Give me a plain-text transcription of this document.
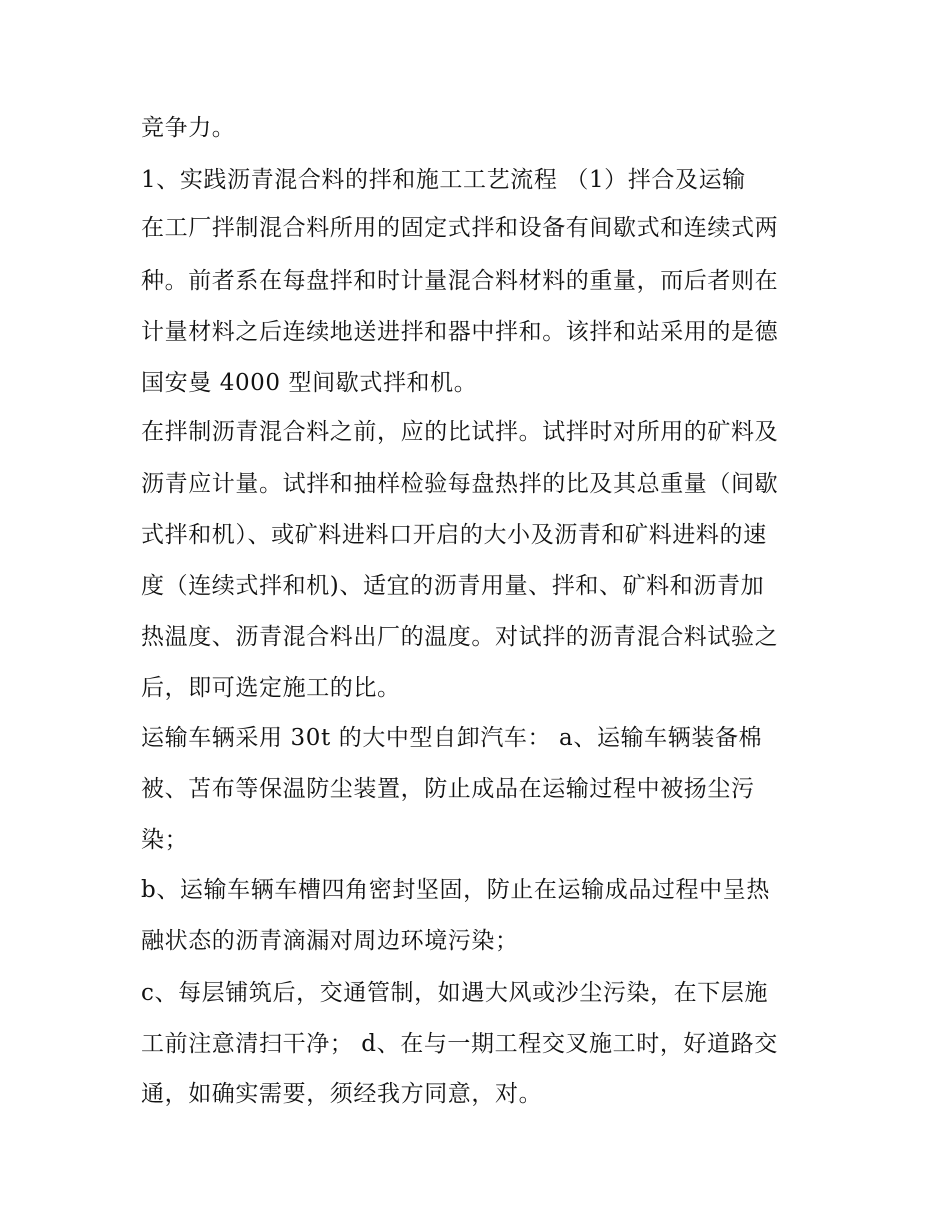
竞争力。
1、实践沥青混合料的拌和施工工艺流程 （1）拌合及运输
在工厂拌制混合料所用的固定式拌和设备有间歇式和连续式两
种。前者系在每盘拌和时计量混合料材料的重量，而后者则在
计量材料之后连续地送进拌和器中拌和。该拌和站采用的是德
国安曼 4000 型间歇式拌和机。
在拌制沥青混合料之前，应的比试拌。试拌时对所用的矿料及
沥青应计量。试拌和抽样检验每盘热拌的比及其总重量（间歇
式拌和机）、或矿料进料口开启的大小及沥青和矿料进料的速
度（连续式拌和机)、适宜的沥青用量、拌和、矿料和沥青加
热温度、沥青混合料出厂的温度。对试拌的沥青混合料试验之
后，即可选定施工的比。
运输车辆采用 30t 的大中型自卸汽车： a、运输车辆装备棉
被、苫布等保温防尘装置，防止成品在运输过程中被扬尘污
染；
b、运输车辆车槽四角密封坚固，防止在运输成品过程中呈热
融状态的沥青滴漏对周边环境污染；
c、每层铺筑后，交通管制，如遇大风或沙尘污染，在下层施
工前注意清扫干净； d、在与一期工程交叉施工时，好道路交
通，如确实需要，须经我方同意，对。
